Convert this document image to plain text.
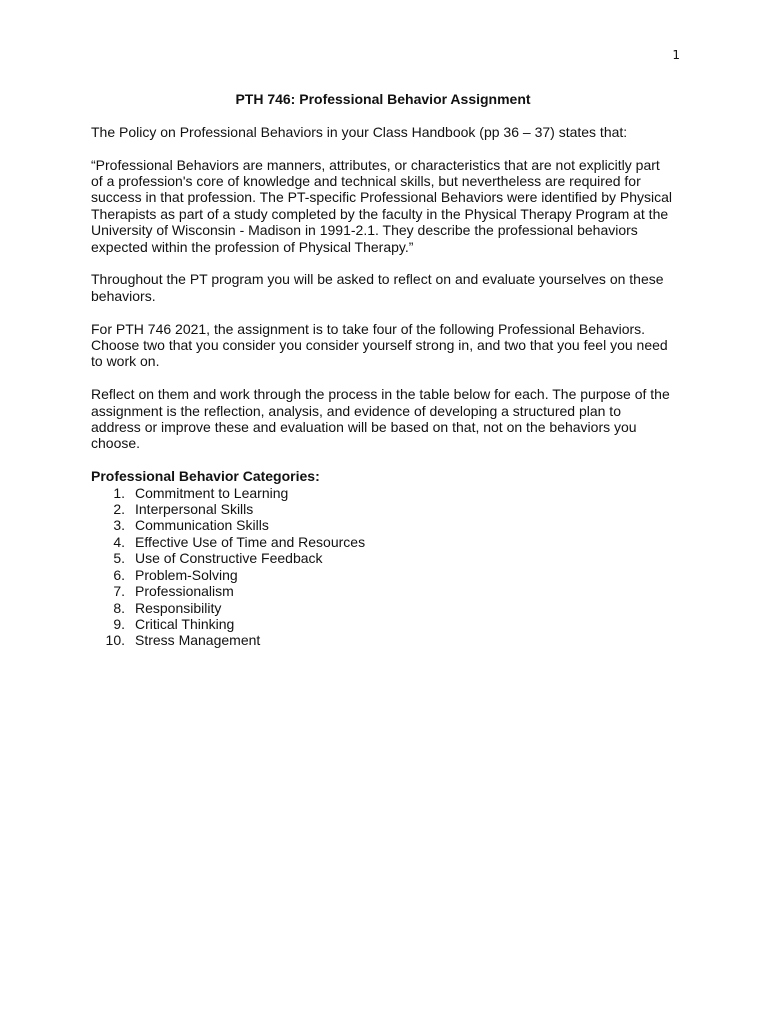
1

PTH 746: Professional Behavior Assignment

The Policy on Professional Behaviors in your Class Handbook (pp 36 – 37) states that:

“Professional Behaviors are manners, attributes, or characteristics that are not explicitly part of a profession's core of knowledge and technical skills, but nevertheless are required for success in that profession. The PT-specific Professional Behaviors were identified by Physical Therapists as part of a study completed by the faculty in the Physical Therapy Program at the University of Wisconsin - Madison in 1991-2.1. They describe the professional behaviors expected within the profession of Physical Therapy.”

Throughout the PT program you will be asked to reflect on and evaluate yourselves on these behaviors.

For PTH 746 2021, the assignment is to take four of the following Professional Behaviors. Choose two that you consider you consider yourself strong in, and two that you feel you need to work on.

Reflect on them and work through the process in the table below for each. The purpose of the assignment is the reflection, analysis, and evidence of developing a structured plan to address or improve these and evaluation will be based on that, not on the behaviors you choose.

Professional Behavior Categories:

1. Commitment to Learning
2. Interpersonal Skills
3. Communication Skills
4. Effective Use of Time and Resources
5. Use of Constructive Feedback
6. Problem-Solving
7. Professionalism
8. Responsibility
9. Critical Thinking
10. Stress Management
